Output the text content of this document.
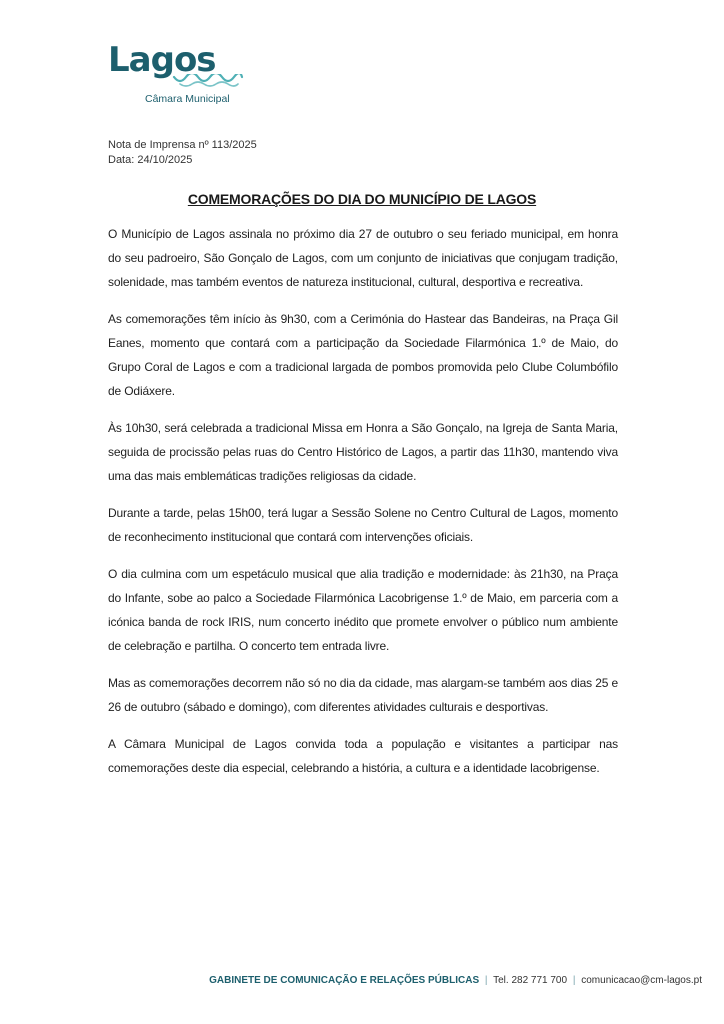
Lagos
Câmara Municipal
Nota de Imprensa nº 113/2025
Data: 24/10/2025
COMEMORAÇÕES DO DIA DO MUNICÍPIO DE LAGOS

O Município de Lagos assinala no próximo dia 27 de outubro o seu feriado municipal, em honra do seu padroeiro, São Gonçalo de Lagos, com um conjunto de iniciativas que conjugam tradição, solenidade, mas também eventos de natureza institucional, cultural, desportiva e recreativa.

As comemorações têm início às 9h30, com a Cerimónia do Hastear das Bandeiras, na Praça Gil Eanes, momento que contará com a participação da Sociedade Filarmónica 1.º de Maio, do Grupo Coral de Lagos e com a tradicional largada de pombos promovida pelo Clube Columbófilo de Odiáxere.

Às 10h30, será celebrada a tradicional Missa em Honra a São Gonçalo, na Igreja de Santa Maria, seguida de procissão pelas ruas do Centro Histórico de Lagos, a partir das 11h30, mantendo viva uma das mais emblemáticas tradições religiosas da cidade.

Durante a tarde, pelas 15h00, terá lugar a Sessão Solene no Centro Cultural de Lagos, momento de reconhecimento institucional que contará com intervenções oficiais.

O dia culmina com um espetáculo musical que alia tradição e modernidade: às 21h30, na Praça do Infante, sobe ao palco a Sociedade Filarmónica Lacobrigense 1.º de Maio, em parceria com a icónica banda de rock IRIS, num concerto inédito que promete envolver o público num ambiente de celebração e partilha. O concerto tem entrada livre.

Mas as comemorações decorrem não só no dia da cidade, mas alargam-se também aos dias 25 e 26 de outubro (sábado e domingo), com diferentes atividades culturais e desportivas.

A Câmara Municipal de Lagos convida toda a população e visitantes a participar nas comemorações deste dia especial, celebrando a história, a cultura e a identidade lacobrigense.

GABINETE DE COMUNICAÇÃO E RELAÇÕES PÚBLICAS | Tel. 282 771 700 | comunicacao@cm-lagos.pt
